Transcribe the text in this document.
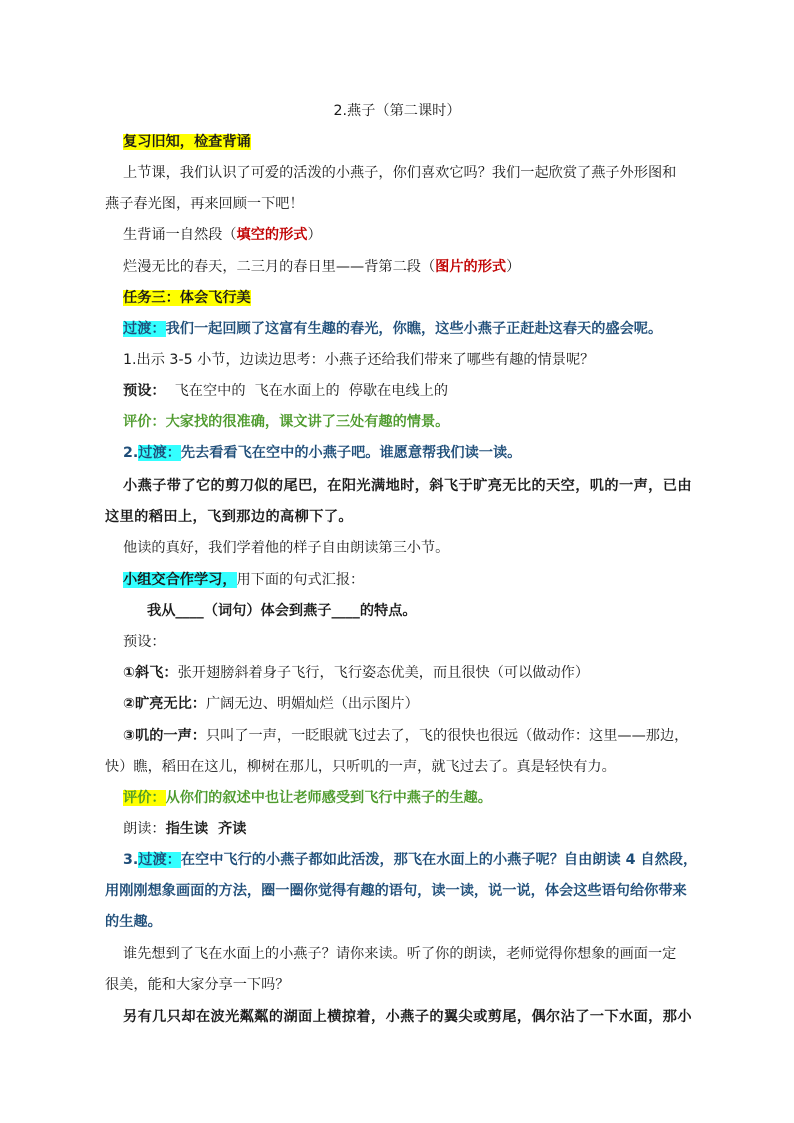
2.燕子（第二课时）
复习旧知，检查背诵
上节课，我们认识了可爱的活泼的小燕子，你们喜欢它吗？我们一起欣赏了燕子外形图和
燕子春光图，再来回顾一下吧！
生背诵一自然段（填空的形式）
烂漫无比的春天，二三月的春日里——背第二段（图片的形式）
任务三：体会飞行美
过渡：我们一起回顾了这富有生趣的春光，你瞧，这些小燕子正赶赴这春天的盛会呢。
1.出示 3-5 小节，边读边思考：小燕子还给我们带来了哪些有趣的情景呢？
预设：  飞在空中的  飞在水面上的  停歇在电线上的
评价：大家找的很准确，课文讲了三处有趣的情景。
2.过渡：先去看看飞在空中的小燕子吧。谁愿意帮我们读一读。
小燕子带了它的剪刀似的尾巴，在阳光满地时，斜飞于旷亮无比的天空，叽的一声，已由
这里的稻田上，飞到那边的高柳下了。
他读的真好，我们学着他的样子自由朗读第三小节。
小组交合作学习，用下面的句式汇报：
我从____（词句）体会到燕子____的特点。
预设：
①斜飞：张开翅膀斜着身子飞行，飞行姿态优美，而且很快（可以做动作）
②旷亮无比：广阔无边、明媚灿烂（出示图片）
③叽的一声：只叫了一声，一眨眼就飞过去了，飞的很快也很远（做动作：这里——那边，
快）瞧，稻田在这儿，柳树在那儿，只听叽的一声，就飞过去了。真是轻快有力。
评价：从你们的叙述中也让老师感受到飞行中燕子的生趣。
朗读：指生读  齐读
3.过渡：在空中飞行的小燕子都如此活泼，那飞在水面上的小燕子呢？自由朗读 4 自然段，
用刚刚想象画面的方法，圈一圈你觉得有趣的语句，读一读，说一说，体会这些语句给你带来
的生趣。
谁先想到了飞在水面上的小燕子？请你来读。听了你的朗读，老师觉得你想象的画面一定
很美，能和大家分享一下吗？
另有几只却在波光粼粼的湖面上横掠着，小燕子的翼尖或剪尾，偶尔沾了一下水面，那小
